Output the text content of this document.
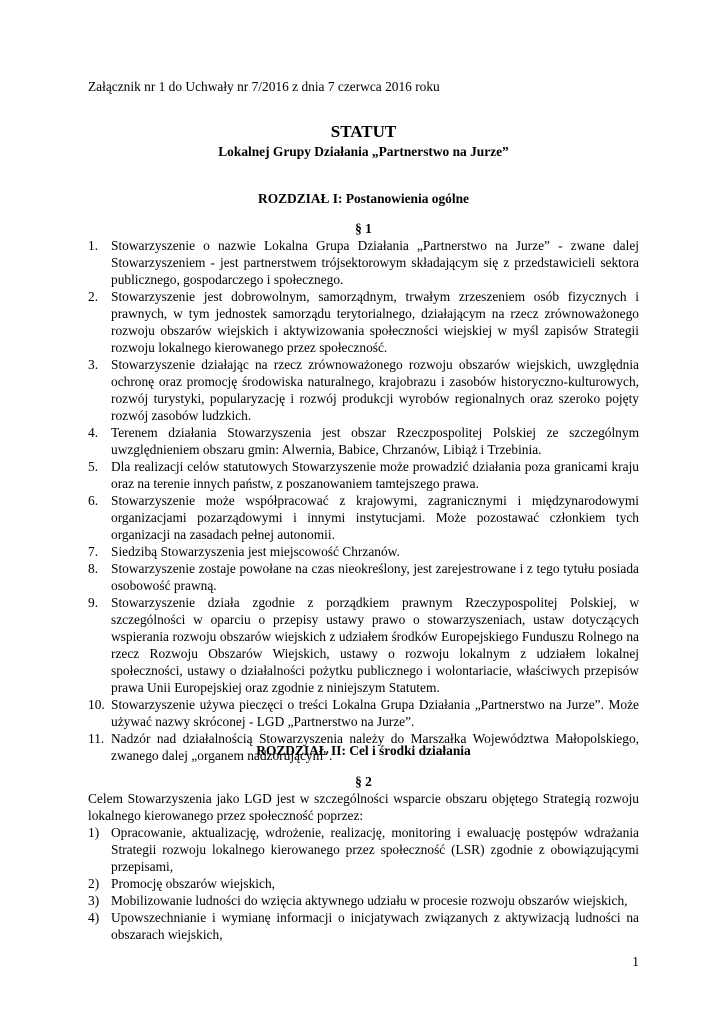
Załącznik nr 1 do Uchwały nr 7/2016 z dnia 7 czerwca 2016 roku
STATUT
Lokalnej Grupy Działania „Partnerstwo na Jurze”
ROZDZIAŁ I: Postanowienia ogólne
§ 1
1. Stowarzyszenie o nazwie Lokalna Grupa Działania „Partnerstwo na Jurze” - zwane dalej Stowarzyszeniem - jest partnerstwem trójsektorowym składającym się z przedstawicieli sektora publicznego, gospodarczego i społecznego.
2. Stowarzyszenie jest dobrowolnym, samorządnym, trwałym zrzeszeniem osób fizycznych i prawnych, w tym jednostek samorządu terytorialnego, działającym na rzecz zrównoważonego rozwoju obszarów wiejskich i aktywizowania społeczności wiejskiej w myśl zapisów Strategii rozwoju lokalnego kierowanego przez społeczność.
3. Stowarzyszenie działając na rzecz zrównoważonego rozwoju obszarów wiejskich, uwzględnia ochronę oraz promocję środowiska naturalnego, krajobrazu i zasobów historyczno-kulturowych, rozwój turystyki, popularyzację i rozwój produkcji wyrobów regionalnych oraz szeroko pojęty rozwój zasobów ludzkich.
4. Terenem działania Stowarzyszenia jest obszar Rzeczpospolitej Polskiej ze szczególnym uwzględnieniem obszaru gmin: Alwernia, Babice, Chrzanów, Libiąż i Trzebinia.
5. Dla realizacji celów statutowych Stowarzyszenie może prowadzić działania poza granicami kraju oraz na terenie innych państw, z poszanowaniem tamtejszego prawa.
6. Stowarzyszenie może współpracować z krajowymi, zagranicznymi i międzynarodowymi organizacjami pozarządowymi i innymi instytucjami. Może pozostawać członkiem tych organizacji na zasadach pełnej autonomii.
7. Siedzibą Stowarzyszenia jest miejscowość Chrzanów.
8. Stowarzyszenie zostaje powołane na czas nieokreślony, jest zarejestrowane i z tego tytułu posiada osobowość prawną.
9. Stowarzyszenie działa zgodnie z porządkiem prawnym Rzeczypospolitej Polskiej, w szczególności w oparciu o przepisy ustawy prawo o stowarzyszeniach, ustaw dotyczących wspierania rozwoju obszarów wiejskich z udziałem środków Europejskiego Funduszu Rolnego na rzecz Rozwoju Obszarów Wiejskich, ustawy o rozwoju lokalnym z udziałem lokalnej społeczności, ustawy o działalności pożytku publicznego i wolontariacie, właściwych przepisów prawa Unii Europejskiej oraz zgodnie z niniejszym Statutem.
10. Stowarzyszenie używa pieczęci o treści Lokalna Grupa Działania „Partnerstwo na Jurze”. Może używać nazwy skróconej - LGD „Partnerstwo na Jurze”.
11. Nadzór nad działalnością Stowarzyszenia należy do Marszałka Województwa Małopolskiego, zwanego dalej „organem nadzorującym”.
ROZDZIAŁ II: Cel i środki działania
§ 2
Celem Stowarzyszenia jako LGD jest w szczególności wsparcie obszaru objętego Strategią rozwoju lokalnego kierowanego przez społeczność poprzez:
1) Opracowanie, aktualizację, wdrożenie, realizację, monitoring i ewaluację postępów wdrażania Strategii rozwoju lokalnego kierowanego przez społeczność (LSR) zgodnie z obowiązującymi przepisami,
2) Promocję obszarów wiejskich,
3) Mobilizowanie ludności do wzięcia aktywnego udziału w procesie rozwoju obszarów wiejskich,
4) Upowszechnianie i wymianę informacji o inicjatywach związanych z aktywizacją ludności na obszarach wiejskich,
1
